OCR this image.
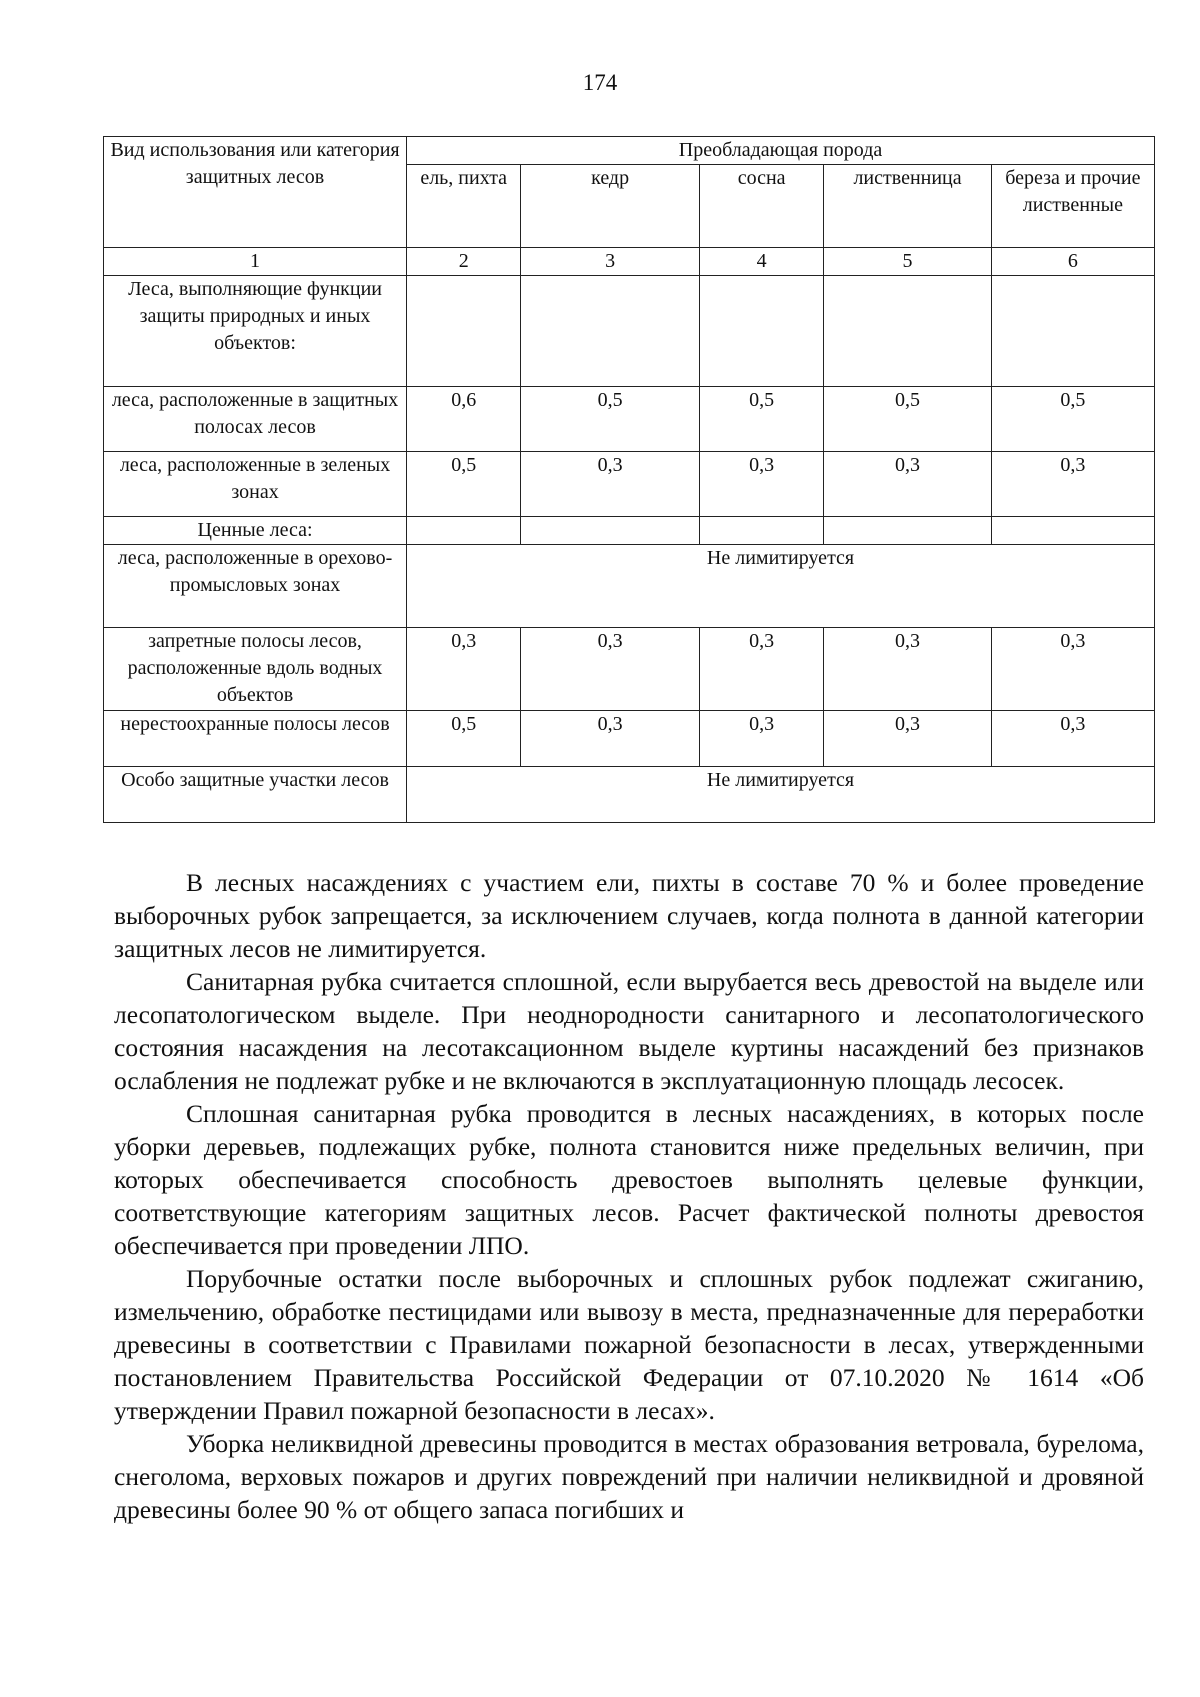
174
Вид использования или категория защитных лесов	Преобладающая порода				
	ель, пихта	кедр	сосна	лиственница	береза и прочие лиственные
1	2	3	4	5	6
Леса, выполняющие функции защиты природных и иных объектов:					
леса, расположенные в защитных полосах лесов	0,6	0,5	0,5	0,5	0,5
леса, расположенные в зеленых зонах	0,5	0,3	0,3	0,3	0,3
Ценные леса:					
леса, расположенные в орехово-промысловых зонах	Не лимитируется				
запретные полосы лесов, расположенные вдоль водных объектов	0,3	0,3	0,3	0,3	0,3
нерестоохранные полосы лесов	0,5	0,3	0,3	0,3	0,3
Особо защитные участки лесов	Не лимитируется				

В лесных насаждениях с участием ели, пихты в составе 70 % и более проведение выборочных рубок запрещается, за исключением случаев, когда полнота в данной категории защитных лесов не лимитируется.

Санитарная рубка считается сплошной, если вырубается весь древостой на выделе или лесопатологическом выделе. При неоднородности санитарного и лесопатологического состояния насаждения на лесотаксационном выделе куртины насаждений без признаков ослабления не подлежат рубке и не включаются в эксплуатационную площадь лесосек.

Сплошная санитарная рубка проводится в лесных насаждениях, в которых после уборки деревьев, подлежащих рубке, полнота становится ниже предельных величин, при которых обеспечивается способность древостоев выполнять целевые функции, соответствующие категориям защитных лесов. Расчет фактической полноты древостоя обеспечивается при проведении ЛПО.

Порубочные остатки после выборочных и сплошных рубок подлежат сжиганию, измельчению, обработке пестицидами или вывозу в места, предназначенные для переработки древесины в соответствии с Правилами пожарной безопасности в лесах, утвержденными постановлением Правительства Российской Федерации от 07.10.2020 № 1614 «Об утверждении Правил пожарной безопасности в лесах».

Уборка неликвидной древесины проводится в местах образования ветровала, бурелома, снеголома, верховых пожаров и других повреждений при наличии неликвидной и дровяной древесины более 90 % от общего запаса погибших и
